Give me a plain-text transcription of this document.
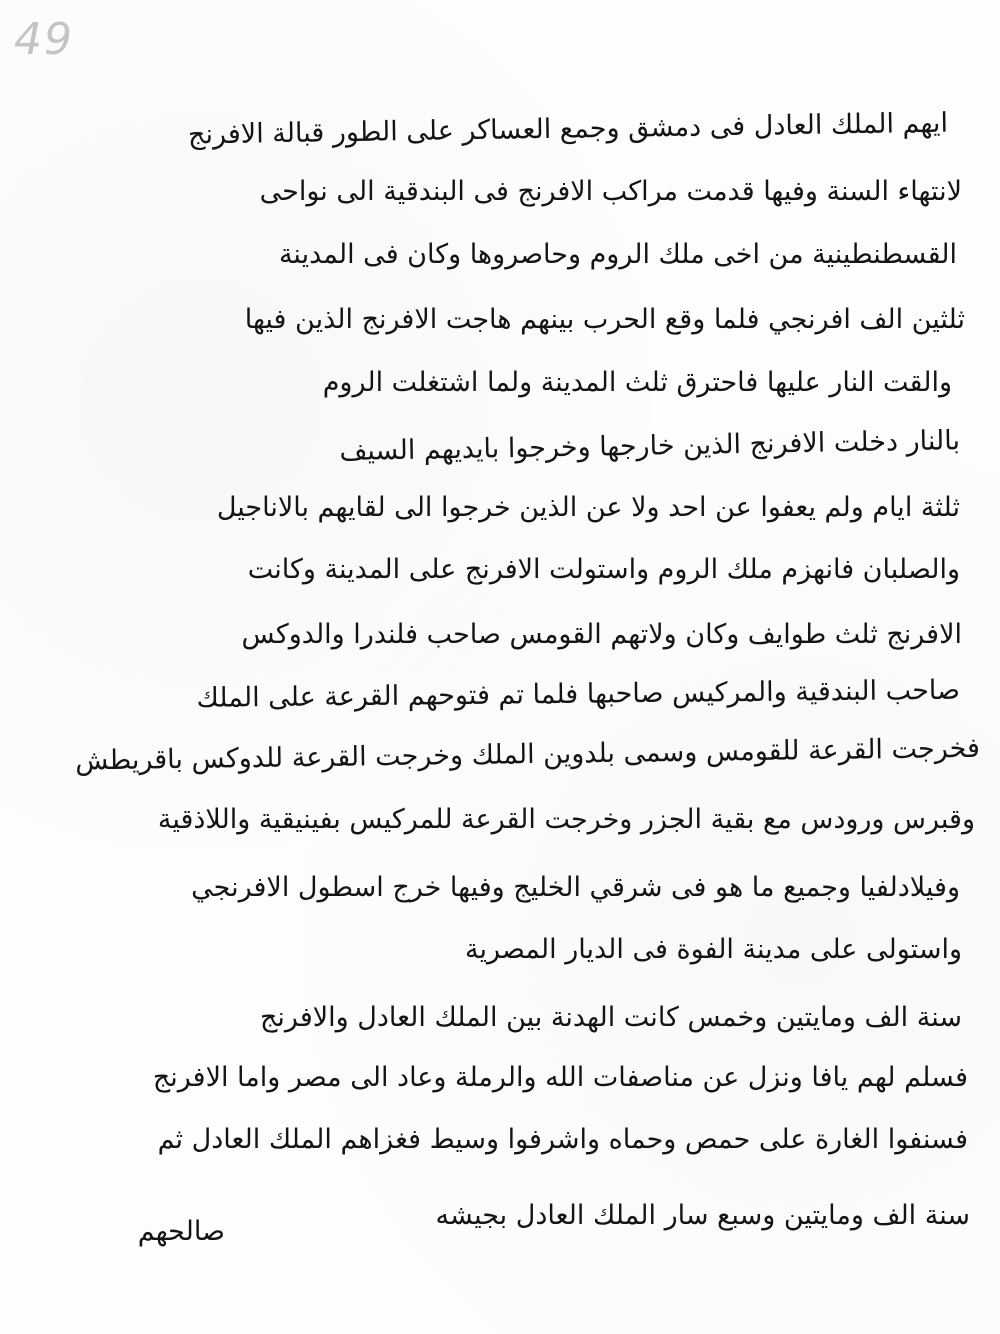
49
ايهم الملك العادل فى دمشق وجمع العساكر على الطور قبالة الافرنج
لانتهاء السنة وفيها قدمت مراكب الافرنج فى البندقية الى نواحى
القسطنطينية من اخى ملك الروم وحاصروها وكان فى المدينة
ثلثين الف افرنجي فلما وقع الحرب بينهم هاجت الافرنج الذين فيها
والقت النار عليها فاحترق ثلث المدينة ولما اشتغلت الروم
بالنار دخلت الافرنج الذين خارجها وخرجوا بايديهم السيف
ثلثة ايام ولم يعفوا عن احد ولا عن الذين خرجوا الى لقايهم بالاناجيل
والصلبان فانهزم ملك الروم واستولت الافرنج على المدينة وكانت
الافرنج ثلث طوايف وكان ولاتهم القومس صاحب فلندرا والدوكس
صاحب البندقية والمركيس صاحبها فلما تم فتوحهم القرعة على الملك
فخرجت القرعة للقومس وسمى بلدوين الملك وخرجت القرعة للدوكس باقريطش
وقبرس ورودس مع بقية الجزر وخرجت القرعة للمركيس بفينيقية واللاذقية
وفيلادلفيا وجميع ما هو فى شرقي الخليج وفيها خرج اسطول الافرنجي
واستولى على مدينة الفوة فى الديار المصرية
سنة الف ومايتين وخمس كانت الهدنة بين الملك العادل والافرنج
فسلم لهم يافا ونزل عن مناصفات الله والرملة وعاد الى مصر واما الافرنج
فسنفوا الغارة على حمص وحماه واشرفوا وسيط فغزاهم الملك العادل ثم
سنة الف ومايتين وسبع سار الملك العادل بجيشه
صالحهم
